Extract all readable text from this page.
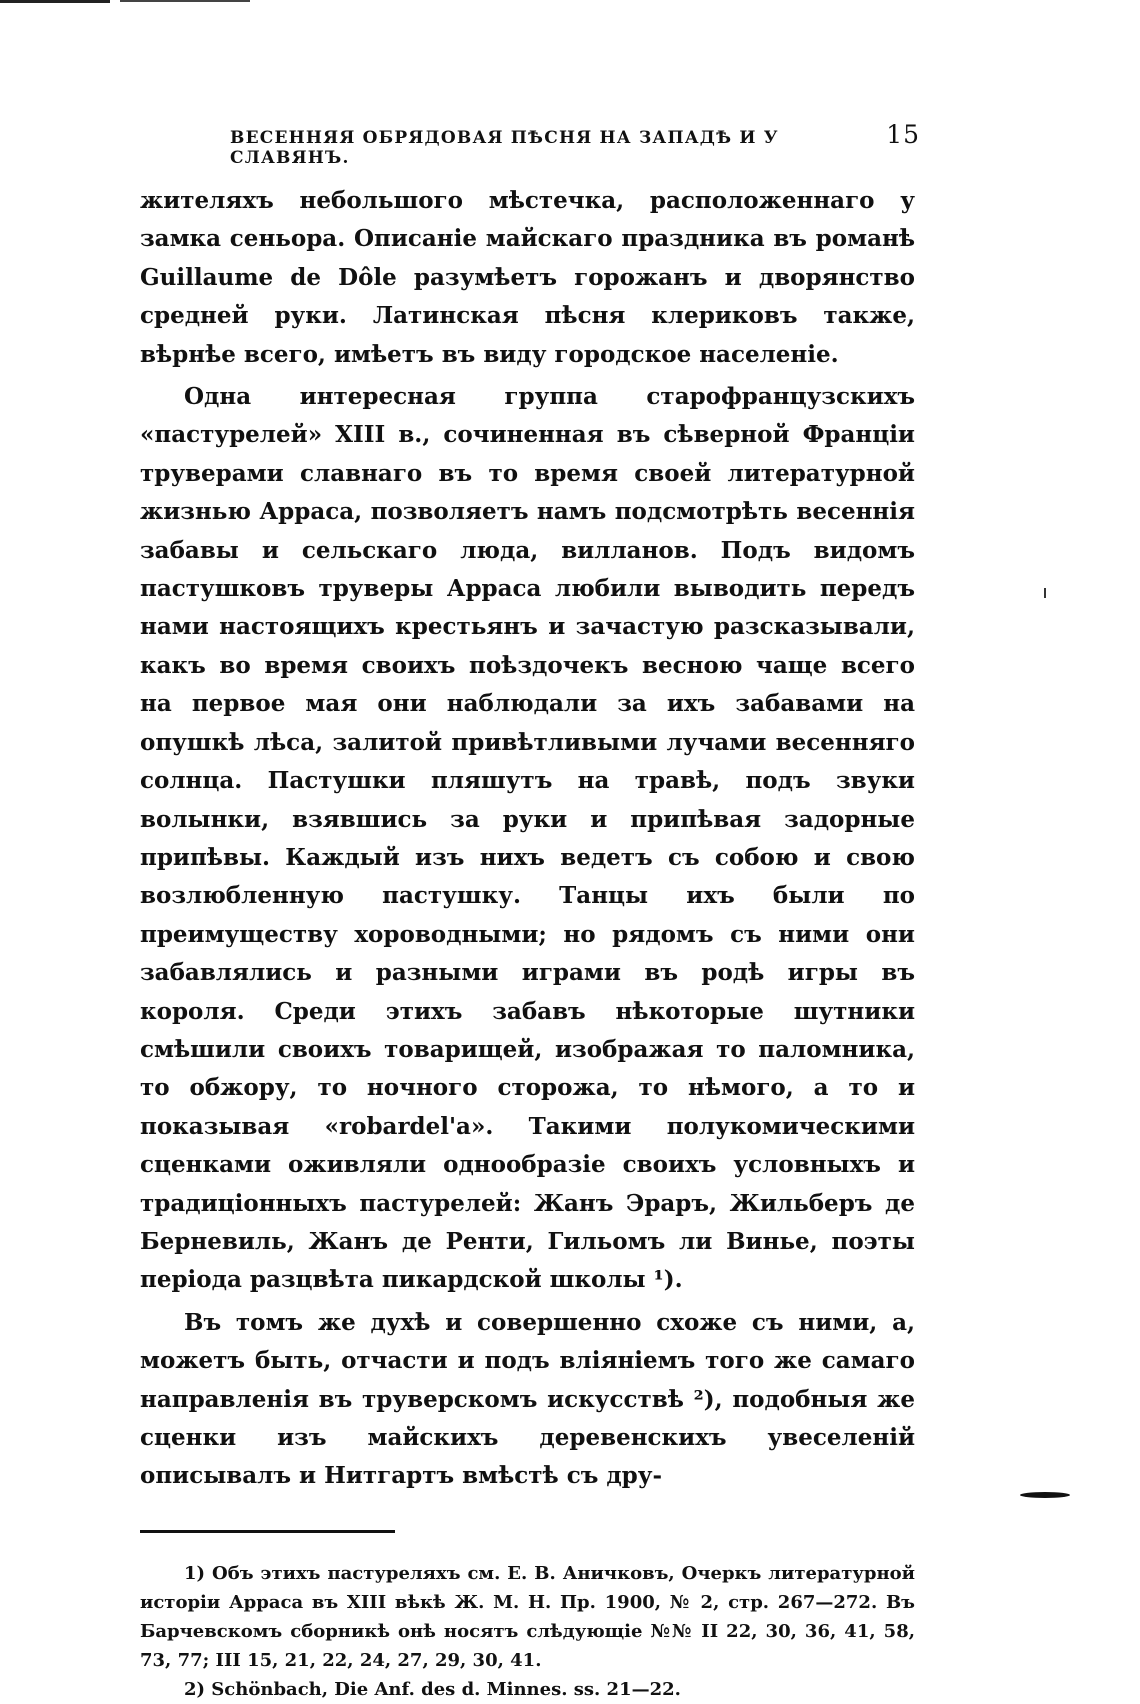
ВЕСЕННЯЯ ОБРЯДОВАЯ ПѢСНЯ НА ЗАПАДѢ И У СЛАВЯНЪ.
15

жителяхъ небольшого мѣстечка, расположеннаго у замка сеньора. Описаніе майскаго праздника въ романѣ Guillaume de Dôle разумѣетъ горожанъ и дворянство средней руки. Латинская пѣсня клериковъ также, вѣрнѣе всего, имѣетъ въ виду городское населеніе.

Одна интересная группа старофранцузскихъ «пастурелей» XIII в., сочиненная въ сѣверной Франціи труверами славнаго въ то время своей литературной жизнью Арраса, позволяетъ намъ подсмотрѣть весеннія забавы и сельскаго люда, вилланов. Подъ видомъ пастушковъ труверы Арраса любили выводить передъ нами настоящихъ крестьянъ и зачастую разсказывали, какъ во время своихъ поѣздочекъ весною чаще всего на первое мая они наблюдали за ихъ забавами на опушкѣ лѣса, залитой привѣтливыми лучами весенняго солнца. Пастушки пляшутъ на травѣ, подъ звуки волынки, взявшись за руки и припѣвая задорные припѣвы. Каждый изъ нихъ ведетъ съ собою и свою возлюбленную пастушку. Танцы ихъ были по преимуществу хороводными; но рядомъ съ ними они забавлялись и разными играми въ родѣ игры въ короля. Среди этихъ забавъ нѣкоторые шутники смѣшили своихъ товарищей, изображая то паломника, то обжору, то ночного сторожа, то нѣмого, а то и показывая «robardel'a». Такими полукомическими сценками оживляли однообразіе своихъ условныхъ и традиціонныхъ пастурелей: Жанъ Эраръ, Жильберъ де Берневиль, Жанъ де Ренти, Гильомъ ли Винье, поэты періода разцвѣта пикардской школы ¹).

Въ томъ же духѣ и совершенно схоже съ ними, а, можетъ быть, отчасти и подъ вліяніемъ того же самаго направленія въ труверскомъ искусствѣ ²), подобныя же сценки изъ майскихъ деревенскихъ увеселеній описывалъ и Нитгартъ вмѣстѣ съ дру-

1) Объ этихъ пастуреляхъ см. Е. В. Аничковъ, Очеркъ литературной исторіи Арраса въ XIII вѣкѣ Ж. М. Н. Пр. 1900, № 2, стр. 267—272. Въ Барчевскомъ сборникѣ онѣ носятъ слѣдующіе №№ II 22, 30, 36, 41, 58, 73, 77; III 15, 21, 22, 24, 27, 29, 30, 41.

2) Schönbach, Die Anf. des d. Minnes. ss. 21—22.
